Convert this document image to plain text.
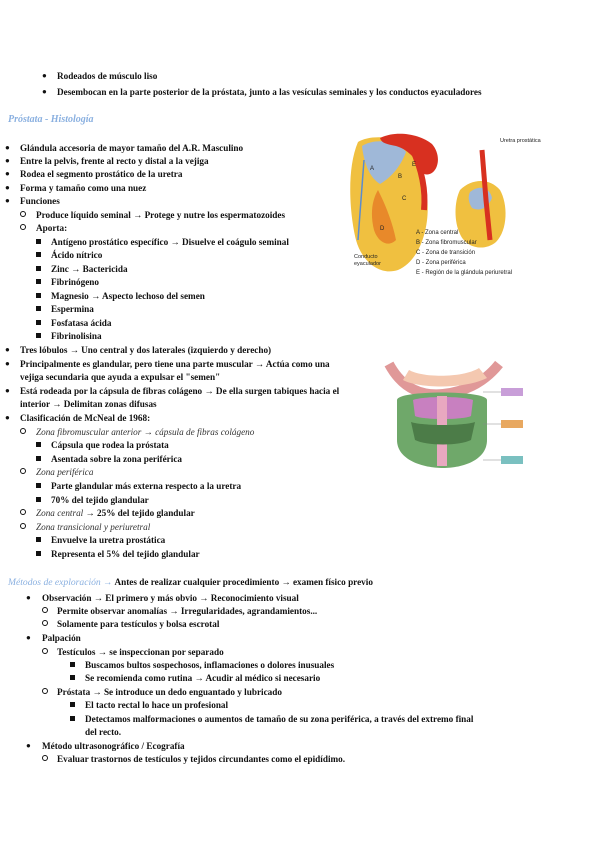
● Rodeados de músculo liso
● Desembocan en la parte posterior de la próstata, junto a las vesículas seminales y los conductos eyaculadores
Próstata - Histología
● Glándula accesoria de mayor tamaño del A.R. Masculino
● Entre la pelvis, frente al recto y distal a la vejiga
● Rodea el segmento prostático de la uretra
● Forma y tamaño como una nuez
● Funciones
Produce líquido seminal → Protege y nutre los espermatozoides
Aporta:
Antígeno prostático específico → Disuelve el coágulo seminal
Ácido nítrico
Zinc → Bactericida
Fibrinógeno
Magnesio → Aspecto lechoso del semen
Espermina
Fosfatasa ácida
Fibrinolisina
● Tres lóbulos → Uno central y dos laterales (izquierdo y derecho)
● Principalmente es glandular, pero tiene una parte muscular → Actúa como una
vejiga secundaria que ayuda a expulsar el "semen"
● Está rodeada por la cápsula de fibras colágeno → De ella surgen tabiques hacia el
interior → Delimitan zonas difusas
● Clasificación de McNeal de 1968:
Zona fibromuscular anterior → cápsula de fibras colágeno
Cápsula que rodea la próstata
Asentada sobre la zona periférica
Zona periférica
Parte glandular más externa respecto a la uretra
70% del tejido glandular
Zona central → 25% del tejido glandular
Zona transicional y periuretral
Envuelve la uretra prostática
Representa el 5% del tejido glandular
Métodos de exploración → Antes de realizar cualquier procedimiento → examen físico previo
● Observación → El primero y más obvio → Reconocimiento visual
Permite observar anomalías → Irregularidades, agrandamientos...
Solamente para testículos y bolsa escrotal
● Palpación
Testículos → se inspeccionan por separado
Buscamos bultos sospechosos, inflamaciones o dolores inusuales
Se recomienda como rutina → Acudir al médico si necesario
Próstata → Se introduce un dedo enguantado y lubricado
El tacto rectal lo hace un profesional
Detectamos malformaciones o aumentos de tamaño de su zona periférica, a través del extremo final
del recto.
● Método ultrasonográfico / Ecografía
Evaluar trastornos de testículos y tejidos circundantes como el epidídimo.
Uretra prostática
Conducto
eyaculador
A
B
C
D
E
A - Zona central
B - Zona fibromuscular
C - Zona de transición
D - Zona periférica
E - Región de la glándula periuretral
